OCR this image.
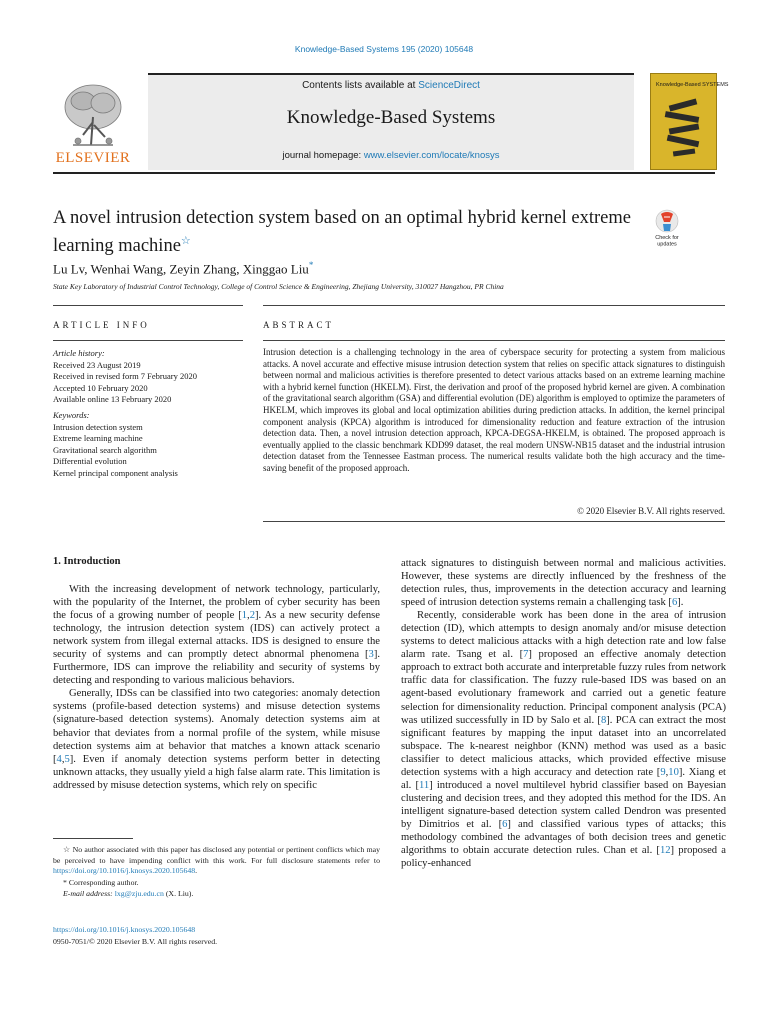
Knowledge-Based Systems 195 (2020) 105648
Contents lists available at ScienceDirect
Knowledge-Based Systems
journal homepage: www.elsevier.com/locate/knosys
ELSEVIER
Knowledge-Based SYSTEMS
A novel intrusion detection system based on an optimal hybrid kernel extreme learning machine☆	Check for
updates
Lu Lv, Wenhai Wang, Zeyin Zhang, Xinggao Liu*
State Key Laboratory of Industrial Control Technology, College of Control Science & Engineering, Zhejiang University, 310027 Hangzhou, PR China
ARTICLE INFO	ABSTRACT
Article history:
Received 23 August 2019
Received in revised form 7 February 2020
Accepted 10 February 2020
Available online 13 February 2020
Keywords:
Intrusion detection system
Extreme learning machine
Gravitational search algorithm
Differential evolution
Kernel principal component analysis
Intrusion detection is a challenging technology in the area of cyberspace security for protecting a system from malicious attacks. A novel accurate and effective misuse intrusion detection system that relies on specific attack signatures to distinguish between normal and malicious activities is therefore presented to detect various attacks based on an extreme learning machine with a hybrid kernel function (HKELM). First, the derivation and proof of the proposed hybrid kernel are given. A combination of the gravitational search algorithm (GSA) and differential evolution (DE) algorithm is employed to optimize the parameters of HKELM, which improves its global and local optimization abilities during prediction attacks. In addition, the kernel principal component analysis (KPCA) algorithm is introduced for dimensionality reduction and feature extraction of the intrusion detection data. Then, a novel intrusion detection approach, KPCA-DEGSA-HKELM, is obtained. The proposed approach is eventually applied to the classic benchmark KDD99 dataset, the real modern UNSW-NB15 dataset and the industrial intrusion detection dataset from the Tennessee Eastman process. The numerical results validate both the high accuracy and the time-saving benefit of the proposed approach.
© 2020 Elsevier B.V. All rights reserved.
1. Introduction

With the increasing development of network technology, particularly, with the popularity of the Internet, the problem of cyber security has been the focus of a growing number of people [1,2]. As a new security defense technology, the intrusion detection system (IDS) can actively protect a network system from illegal external attacks. IDS is designed to ensure the security of systems and can promptly detect abnormal phenomena [3]. Furthermore, IDS can improve the reliability and security of systems by detecting and responding to various malicious behaviors.

Generally, IDSs can be classified into two categories: anomaly detection systems (profile-based detection systems) and misuse detection systems (signature-based detection systems). Anomaly detection systems aim at behavior that deviates from a normal profile of the system, while misuse detection systems aim at behavior that matches a known attack scenario [4,5]. Even if anomaly detection systems perform better in detecting unknown attacks, they usually yield a high false alarm rate. This limitation is addressed by misuse detection systems, which rely on specific

attack signatures to distinguish between normal and malicious activities. However, these systems are directly influenced by the freshness of the detection rules, thus, improvements in the detection accuracy and learning speed of intrusion detection systems remain a challenging task [6].

Recently, considerable work has been done in the area of intrusion detection (ID), which attempts to design anomaly and/or misuse detection systems to detect malicious attacks with a high detection rate and low false alarm rate. Tsang et al. [7] proposed an effective anomaly detection approach to extract both accurate and interpretable fuzzy rules from network traffic data for classification. The fuzzy rule-based IDS was based on an agent-based evolutionary framework and carried out a genetic feature selection for dimensionality reduction. Principal component analysis (PCA) was utilized successfully in ID by Salo et al. [8]. PCA can extract the most significant features by mapping the input dataset into an uncorrelated subspace. The k-nearest neighbor (KNN) method was used as a basic classifier to detect malicious attacks, which provided effective misuse detection systems with a high accuracy and detection rate [9,10]. Xiang et al. [11] introduced a novel multilevel hybrid classifier based on Bayesian clustering and decision trees, and they adopted this method for the IDS. An intelligent signature-based detection system called Dendron was presented by Dimitrios et al. [6] and classified various types of attacks; this methodology combined the advantages of both decision trees and genetic algorithms to obtain accurate detection rules. Chan et al. [12] proposed a policy-enhanced

☆ No author associated with this paper has disclosed any potential or pertinent conflicts which may be perceived to have impending conflict with this work. For full disclosure statements refer to https://doi.org/10.1016/j.knosys.2020.105648.

* Corresponding author.

E-mail address: lxg@zju.edu.cn (X. Liu).

https://doi.org/10.1016/j.knosys.2020.105648
0950-7051/© 2020 Elsevier B.V. All rights reserved.
